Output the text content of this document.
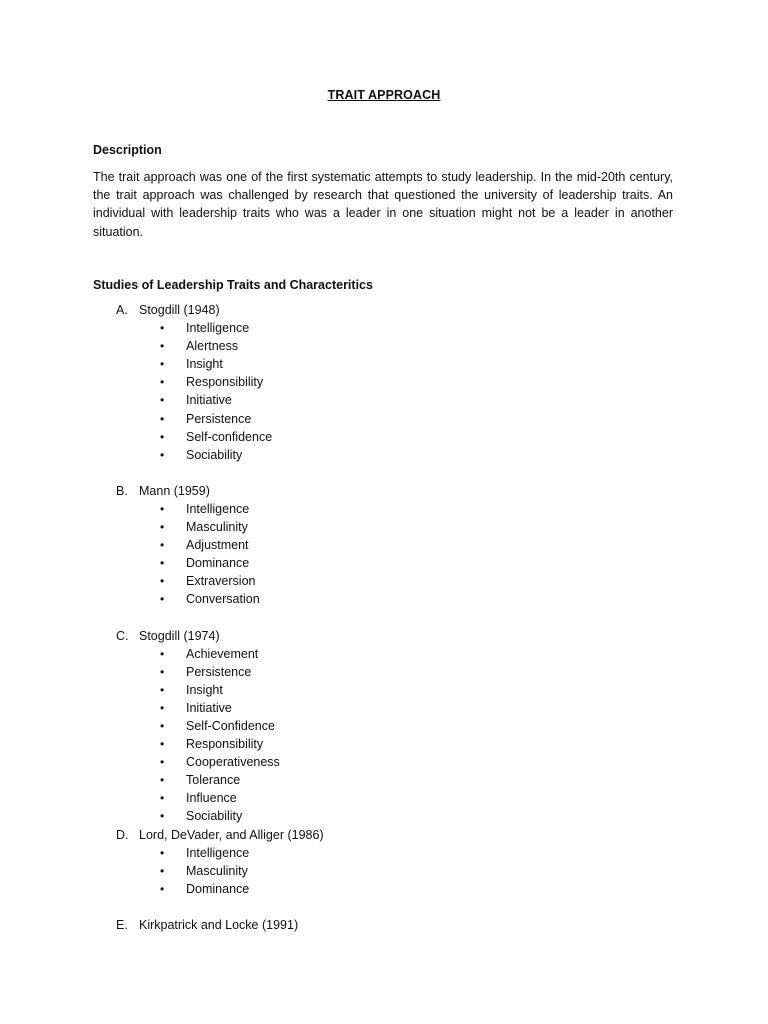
TRAIT APPROACH
Description
The trait approach was one of the first systematic attempts to study leadership. In the mid-20th century, the trait approach was challenged by research that questioned the university of leadership traits. An individual with leadership traits who was a leader in one situation might not be a leader in another situation.
Studies of Leadership Traits and Characteritics
A. Stogdill (1948)
• Intelligence
• Alertness
• Insight
• Responsibility
• Initiative
• Persistence
• Self-confidence
• Sociability
B. Mann (1959)
• Intelligence
• Masculinity
• Adjustment
• Dominance
• Extraversion
• Conversation
C. Stogdill (1974)
• Achievement
• Persistence
• Insight
• Initiative
• Self-Confidence
• Responsibility
• Cooperativeness
• Tolerance
• Influence
• Sociability
D. Lord, DeVader, and Alliger (1986)
• Intelligence
• Masculinity
• Dominance
E. Kirkpatrick and Locke (1991)
